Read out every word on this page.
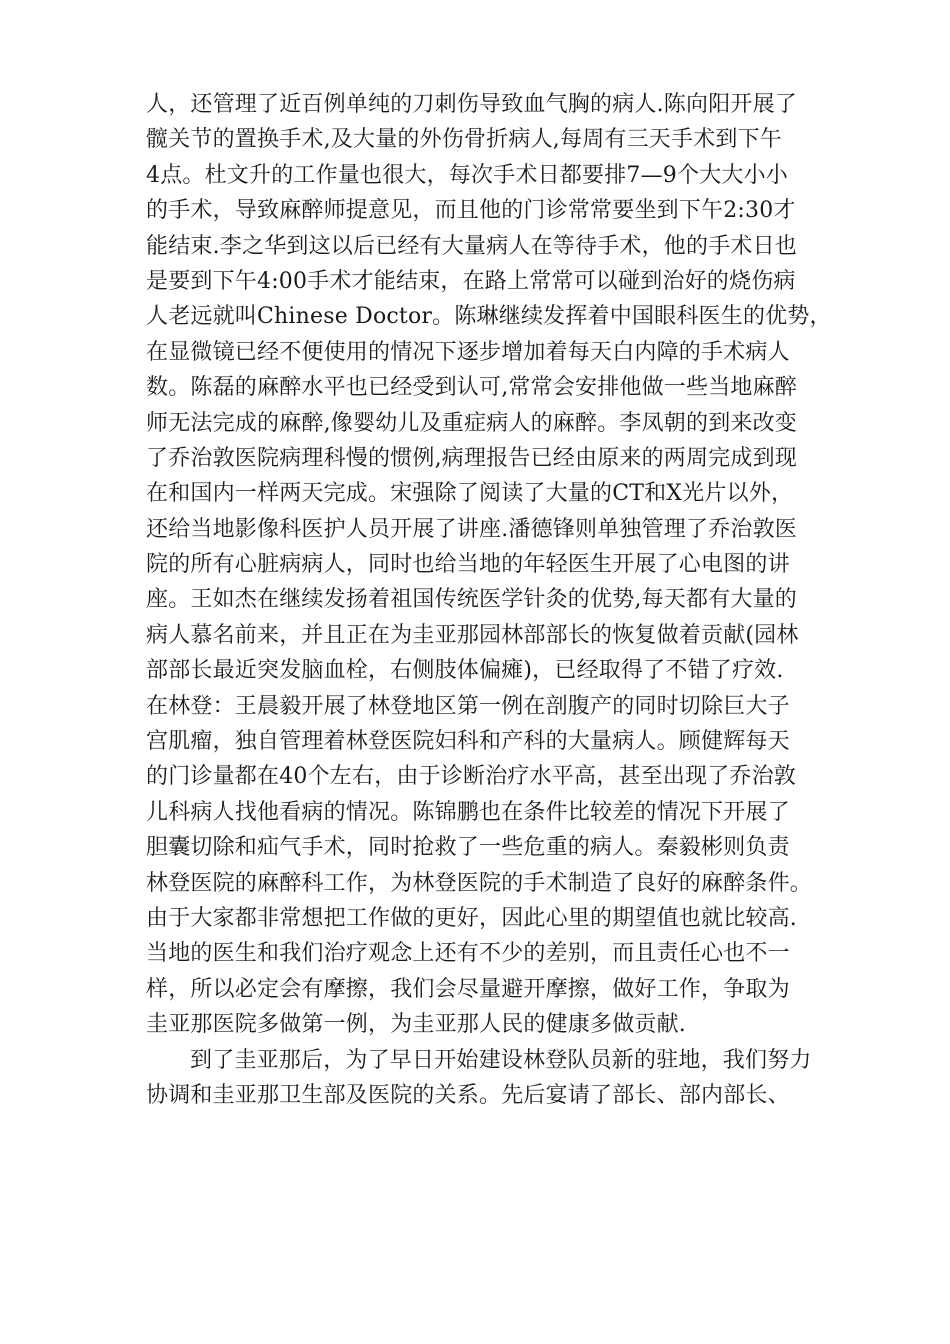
人，还管理了近百例单纯的刀刺伤导致血气胸的病人.陈向阳开展了
髋关节的置换手术,及大量的外伤骨折病人,每周有三天手术到下午
4点。杜文升的工作量也很大，每次手术日都要排7—9个大大小小
的手术，导致麻醉师提意见，而且他的门诊常常要坐到下午2:30才
能结束.李之华到这以后已经有大量病人在等待手术，他的手术日也
是要到下午4:00手术才能结束，在路上常常可以碰到治好的烧伤病
人老远就叫Chinese Doctor。陈琳继续发挥着中国眼科医生的优势，
在显微镜已经不便使用的情况下逐步增加着每天白内障的手术病人
数。陈磊的麻醉水平也已经受到认可,常常会安排他做一些当地麻醉
师无法完成的麻醉,像婴幼儿及重症病人的麻醉。李凤朝的到来改变
了乔治敦医院病理科慢的惯例,病理报告已经由原来的两周完成到现
在和国内一样两天完成。宋强除了阅读了大量的CT和X光片以外，
还给当地影像科医护人员开展了讲座.潘德锋则单独管理了乔治敦医
院的所有心脏病病人，同时也给当地的年轻医生开展了心电图的讲
座。王如杰在继续发扬着祖国传统医学针灸的优势,每天都有大量的
病人慕名前来，并且正在为圭亚那园林部部长的恢复做着贡献(园林
部部长最近突发脑血栓，右侧肢体偏瘫)，已经取得了不错了疗效.
在林登：王晨毅开展了林登地区第一例在剖腹产的同时切除巨大子
宫肌瘤，独自管理着林登医院妇科和产科的大量病人。顾健辉每天
的门诊量都在40个左右，由于诊断治疗水平高，甚至出现了乔治敦
儿科病人找他看病的情况。陈锦鹏也在条件比较差的情况下开展了
胆囊切除和疝气手术，同时抢救了一些危重的病人。秦毅彬则负责
林登医院的麻醉科工作，为林登医院的手术制造了良好的麻醉条件。
由于大家都非常想把工作做的更好，因此心里的期望值也就比较高.
当地的医生和我们治疗观念上还有不少的差别，而且责任心也不一
样，所以必定会有摩擦，我们会尽量避开摩擦，做好工作，争取为
圭亚那医院多做第一例，为圭亚那人民的健康多做贡献.
到了圭亚那后，为了早日开始建设林登队员新的驻地，我们努力
协调和圭亚那卫生部及医院的关系。先后宴请了部长、部内部长、
